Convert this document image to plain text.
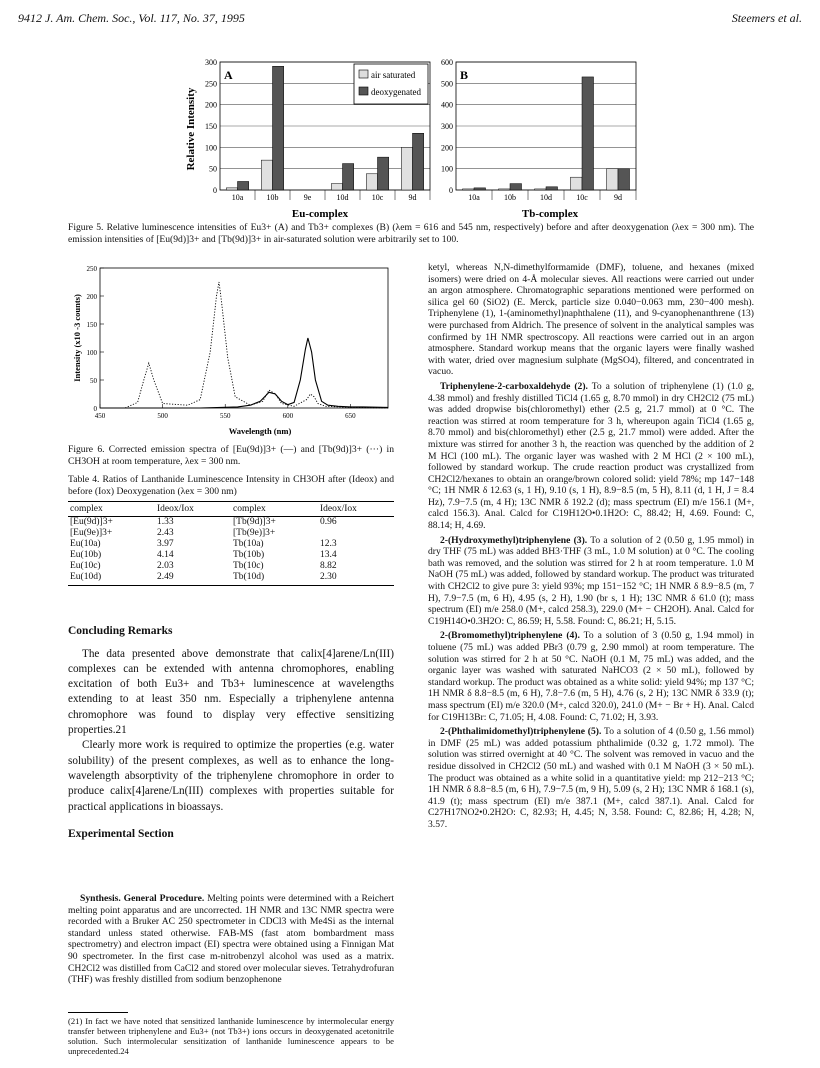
9412 J. Am. Chem. Soc., Vol. 117, No. 37, 1995	Steemers et al.
0
50
100
150
200
250
300
10a	10b	9e	10d	10c	9d
0
100
200
300
400
500
600
10a	10b	10d	10c	9d
Relative Intensity
A	B
air saturated
deoxygenated
Eu-complex	Tb-complex
Figure 5. Relative luminescence intensities of Eu3+ (A) and Tb3+ complexes (B) (λem = 616 and 545 nm, respectively) before and after deoxygenation (λex = 300 nm). The emission intensities of [Eu(9d)]3+ and [Tb(9d)]3+ in air-saturated solution were arbitrarily set to 100.
0
50
100
150
200
250
450	500	550	600	650
Intensity (x10 -3 counts)
Wavelength (nm)
Figure 6. Corrected emission spectra of [Eu(9d)]3+ (—) and [Tb(9d)]3+ (···) in CH3OH at room temperature, λex = 300 nm.
Table 4. Ratios of Lanthanide Luminescence Intensity in CH3OH after (Ideox) and before (Iox) Deoxygenation (λex = 300 nm)
complex	Ideox/Iox	complex	Ideox/Iox
[Eu(9d)]3+	1.33	[Tb(9d)]3+	0.96
[Eu(9e)]3+	2.43	[Tb(9e)]3+	
Eu(10a)	3.97	Tb(10a)	12.3
Eu(10b)	4.14	Tb(10b)	13.4
Eu(10c)	2.03	Tb(10c)	8.82
Eu(10d)	2.49	Tb(10d)	2.30
Concluding Remarks

The data presented above demonstrate that calix[4]arene/Ln(III) complexes can be extended with antenna chromophores, enabling excitation of both Eu3+ and Tb3+ luminescence at wavelengths extending to at least 350 nm. Especially a triphenylene antenna chromophore was found to display very effective sensitizing properties.21

Clearly more work is required to optimize the properties (e.g. water solubility) of the present complexes, as well as to enhance the long-wavelength absorptivity of the triphenylene chromophore in order to produce calix[4]arene/Ln(III) complexes with properties suitable for practical applications in bioassays.

Experimental Section

Synthesis. General Procedure. Melting points were determined with a Reichert melting point apparatus and are uncorrected. 1H NMR and 13C NMR spectra were recorded with a Bruker AC 250 spectrometer in CDCl3 with Me4Si as the internal standard unless stated otherwise. FAB-MS (fast atom bombardment mass spectrometry) and electron impact (EI) spectra were obtained using a Finnigan Mat 90 spectrometer. In the first case m-nitrobenzyl alcohol was used as a matrix. CH2Cl2 was distilled from CaCl2 and stored over molecular sieves. Tetrahydrofuran (THF) was freshly distilled from sodium benzophenone

(21) In fact we have noted that sensitized lanthanide luminescence by intermolecular energy transfer between triphenylene and Eu3+ (not Tb3+) ions occurs in deoxygenated acetonitrile solution. Such intermolecular sensitization of lanthanide luminescence appears to be unprecedented.24

ketyl, whereas N,N-dimethylformamide (DMF), toluene, and hexanes (mixed isomers) were dried on 4-Å molecular sieves. All reactions were carried out under an argon atmosphere. Chromatographic separations mentioned were performed on silica gel 60 (SiO2) (E. Merck, particle size 0.040−0.063 mm, 230−400 mesh). Triphenylene (1), 1-(aminomethyl)naphthalene (11), and 9-cyanophenanthrene (13) were purchased from Aldrich. The presence of solvent in the analytical samples was confirmed by 1H NMR spectroscopy. All reactions were carried out in an argon atmosphere. Standard workup means that the organic layers were finally washed with water, dried over magnesium sulphate (MgSO4), filtered, and concentrated in vacuo.

Triphenylene-2-carboxaldehyde (2). To a solution of triphenylene (1) (1.0 g, 4.38 mmol) and freshly distilled TiCl4 (1.65 g, 8.70 mmol) in dry CH2Cl2 (75 mL) was added dropwise bis(chloromethyl) ether (2.5 g, 21.7 mmol) at 0 °C. The reaction was stirred at room temperature for 3 h, whereupon again TiCl4 (1.65 g, 8.70 mmol) and bis(chloromethyl) ether (2.5 g, 21.7 mmol) were added. After the mixture was stirred for another 3 h, the reaction was quenched by the addition of 2 M HCl (100 mL). The organic layer was washed with 2 M HCl (2 × 100 mL), followed by standard workup. The crude reaction product was crystallized from CH2Cl2/hexanes to obtain an orange/brown colored solid: yield 78%; mp 147−148 °C; 1H NMR δ 12.63 (s, 1 H), 9.10 (s, 1 H), 8.9−8.5 (m, 5 H), 8.11 (d, 1 H, J = 8.4 Hz), 7.9−7.5 (m, 4 H); 13C NMR δ 192.2 (d); mass spectrum (EI) m/e 156.1 (M+, calcd 156.3). Anal. Calcd for C19H12O•0.1H2O: C, 88.42; H, 4.69. Found: C, 88.14; H, 4.69.

2-(Hydroxymethyl)triphenylene (3). To a solution of 2 (0.50 g, 1.95 mmol) in dry THF (75 mL) was added BH3·THF (3 mL, 1.0 M solution) at 0 °C. The cooling bath was removed, and the solution was stirred for 2 h at room temperature. 1.0 M NaOH (75 mL) was added, followed by standard workup. The product was triturated with CH2Cl2 to give pure 3: yield 93%; mp 151−152 °C; 1H NMR δ 8.9−8.5 (m, 7 H), 7.9−7.5 (m, 6 H), 4.95 (s, 2 H), 1.90 (br s, 1 H); 13C NMR δ 61.0 (t); mass spectrum (EI) m/e 258.0 (M+, calcd 258.3), 229.0 (M+ − CH2OH). Anal. Calcd for C19H14O•0.3H2O: C, 86.59; H, 5.58. Found: C, 86.21; H, 5.15.

2-(Bromomethyl)triphenylene (4). To a solution of 3 (0.50 g, 1.94 mmol) in toluene (75 mL) was added PBr3 (0.79 g, 2.90 mmol) at room temperature. The solution was stirred for 2 h at 50 °C. NaOH (0.1 M, 75 mL) was added, and the organic layer was washed with saturated NaHCO3 (2 × 50 mL), followed by standard workup. The product was obtained as a white solid: yield 94%; mp 137 °C; 1H NMR δ 8.8−8.5 (m, 6 H), 7.8−7.6 (m, 5 H), 4.76 (s, 2 H); 13C NMR δ 33.9 (t); mass spectrum (EI) m/e 320.0 (M+, calcd 320.0), 241.0 (M+ − Br + H). Anal. Calcd for C19H13Br: C, 71.05; H, 4.08. Found: C, 71.02; H, 3.93.

2-(Phthalimidomethyl)triphenylene (5). To a solution of 4 (0.50 g, 1.56 mmol) in DMF (25 mL) was added potassium phthalimide (0.32 g, 1.72 mmol). The solution was stirred overnight at 40 °C. The solvent was removed in vacuo and the residue dissolved in CH2Cl2 (50 mL) and washed with 0.1 M NaOH (3 × 50 mL). The product was obtained as a white solid in a quantitative yield: mp 212−213 °C; 1H NMR δ 8.8−8.5 (m, 6 H), 7.9−7.5 (m, 9 H), 5.09 (s, 2 H); 13C NMR δ 168.1 (s), 41.9 (t); mass spectrum (EI) m/e 387.1 (M+, calcd 387.1). Anal. Calcd for C27H17NO2•0.2H2O: C, 82.93; H, 4.45; N, 3.58. Found: C, 82.86; H, 4.28; N, 3.57.
